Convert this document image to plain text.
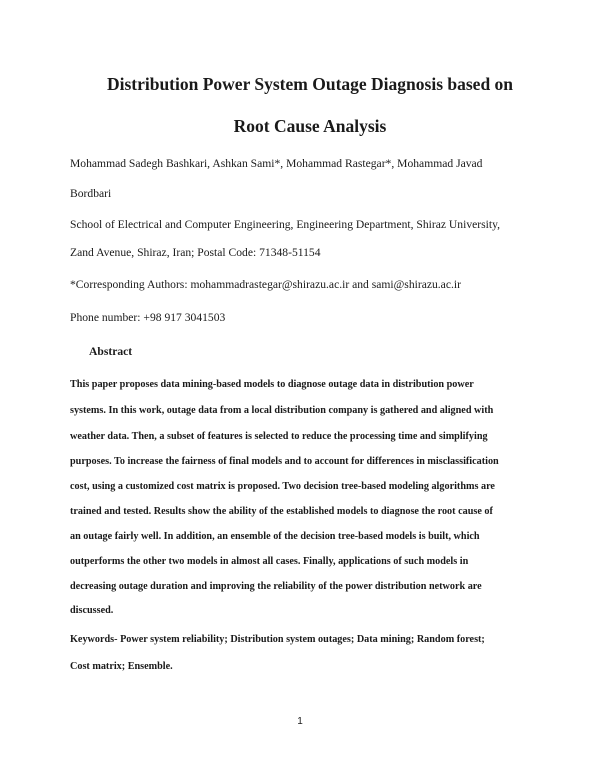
Distribution Power System Outage Diagnosis based on
Root Cause Analysis
Mohammad Sadegh Bashkari, Ashkan Sami*, Mohammad Rastegar*, Mohammad Javad
Bordbari
School of Electrical and Computer Engineering, Engineering Department, Shiraz University,
Zand Avenue, Shiraz, Iran; Postal Code: 71348-51154
*Corresponding Authors: mohammadrastegar@shirazu.ac.ir and sami@shirazu.ac.ir
Phone number: +98 917 3041503
Abstract
This paper proposes data mining-based models to diagnose outage data in distribution power
systems. In this work, outage data from a local distribution company is gathered and aligned with
weather data. Then, a subset of features is selected to reduce the processing time and simplifying
purposes. To increase the fairness of final models and to account for differences in misclassification
cost, using a customized cost matrix is proposed. Two decision tree-based modeling algorithms are
trained and tested. Results show the ability of the established models to diagnose the root cause of
an outage fairly well. In addition, an ensemble of the decision tree-based models is built, which
outperforms the other two models in almost all cases. Finally, applications of such models in
decreasing outage duration and improving the reliability of the power distribution network are
discussed.
Keywords- Power system reliability; Distribution system outages; Data mining; Random forest;
Cost matrix; Ensemble.
1
